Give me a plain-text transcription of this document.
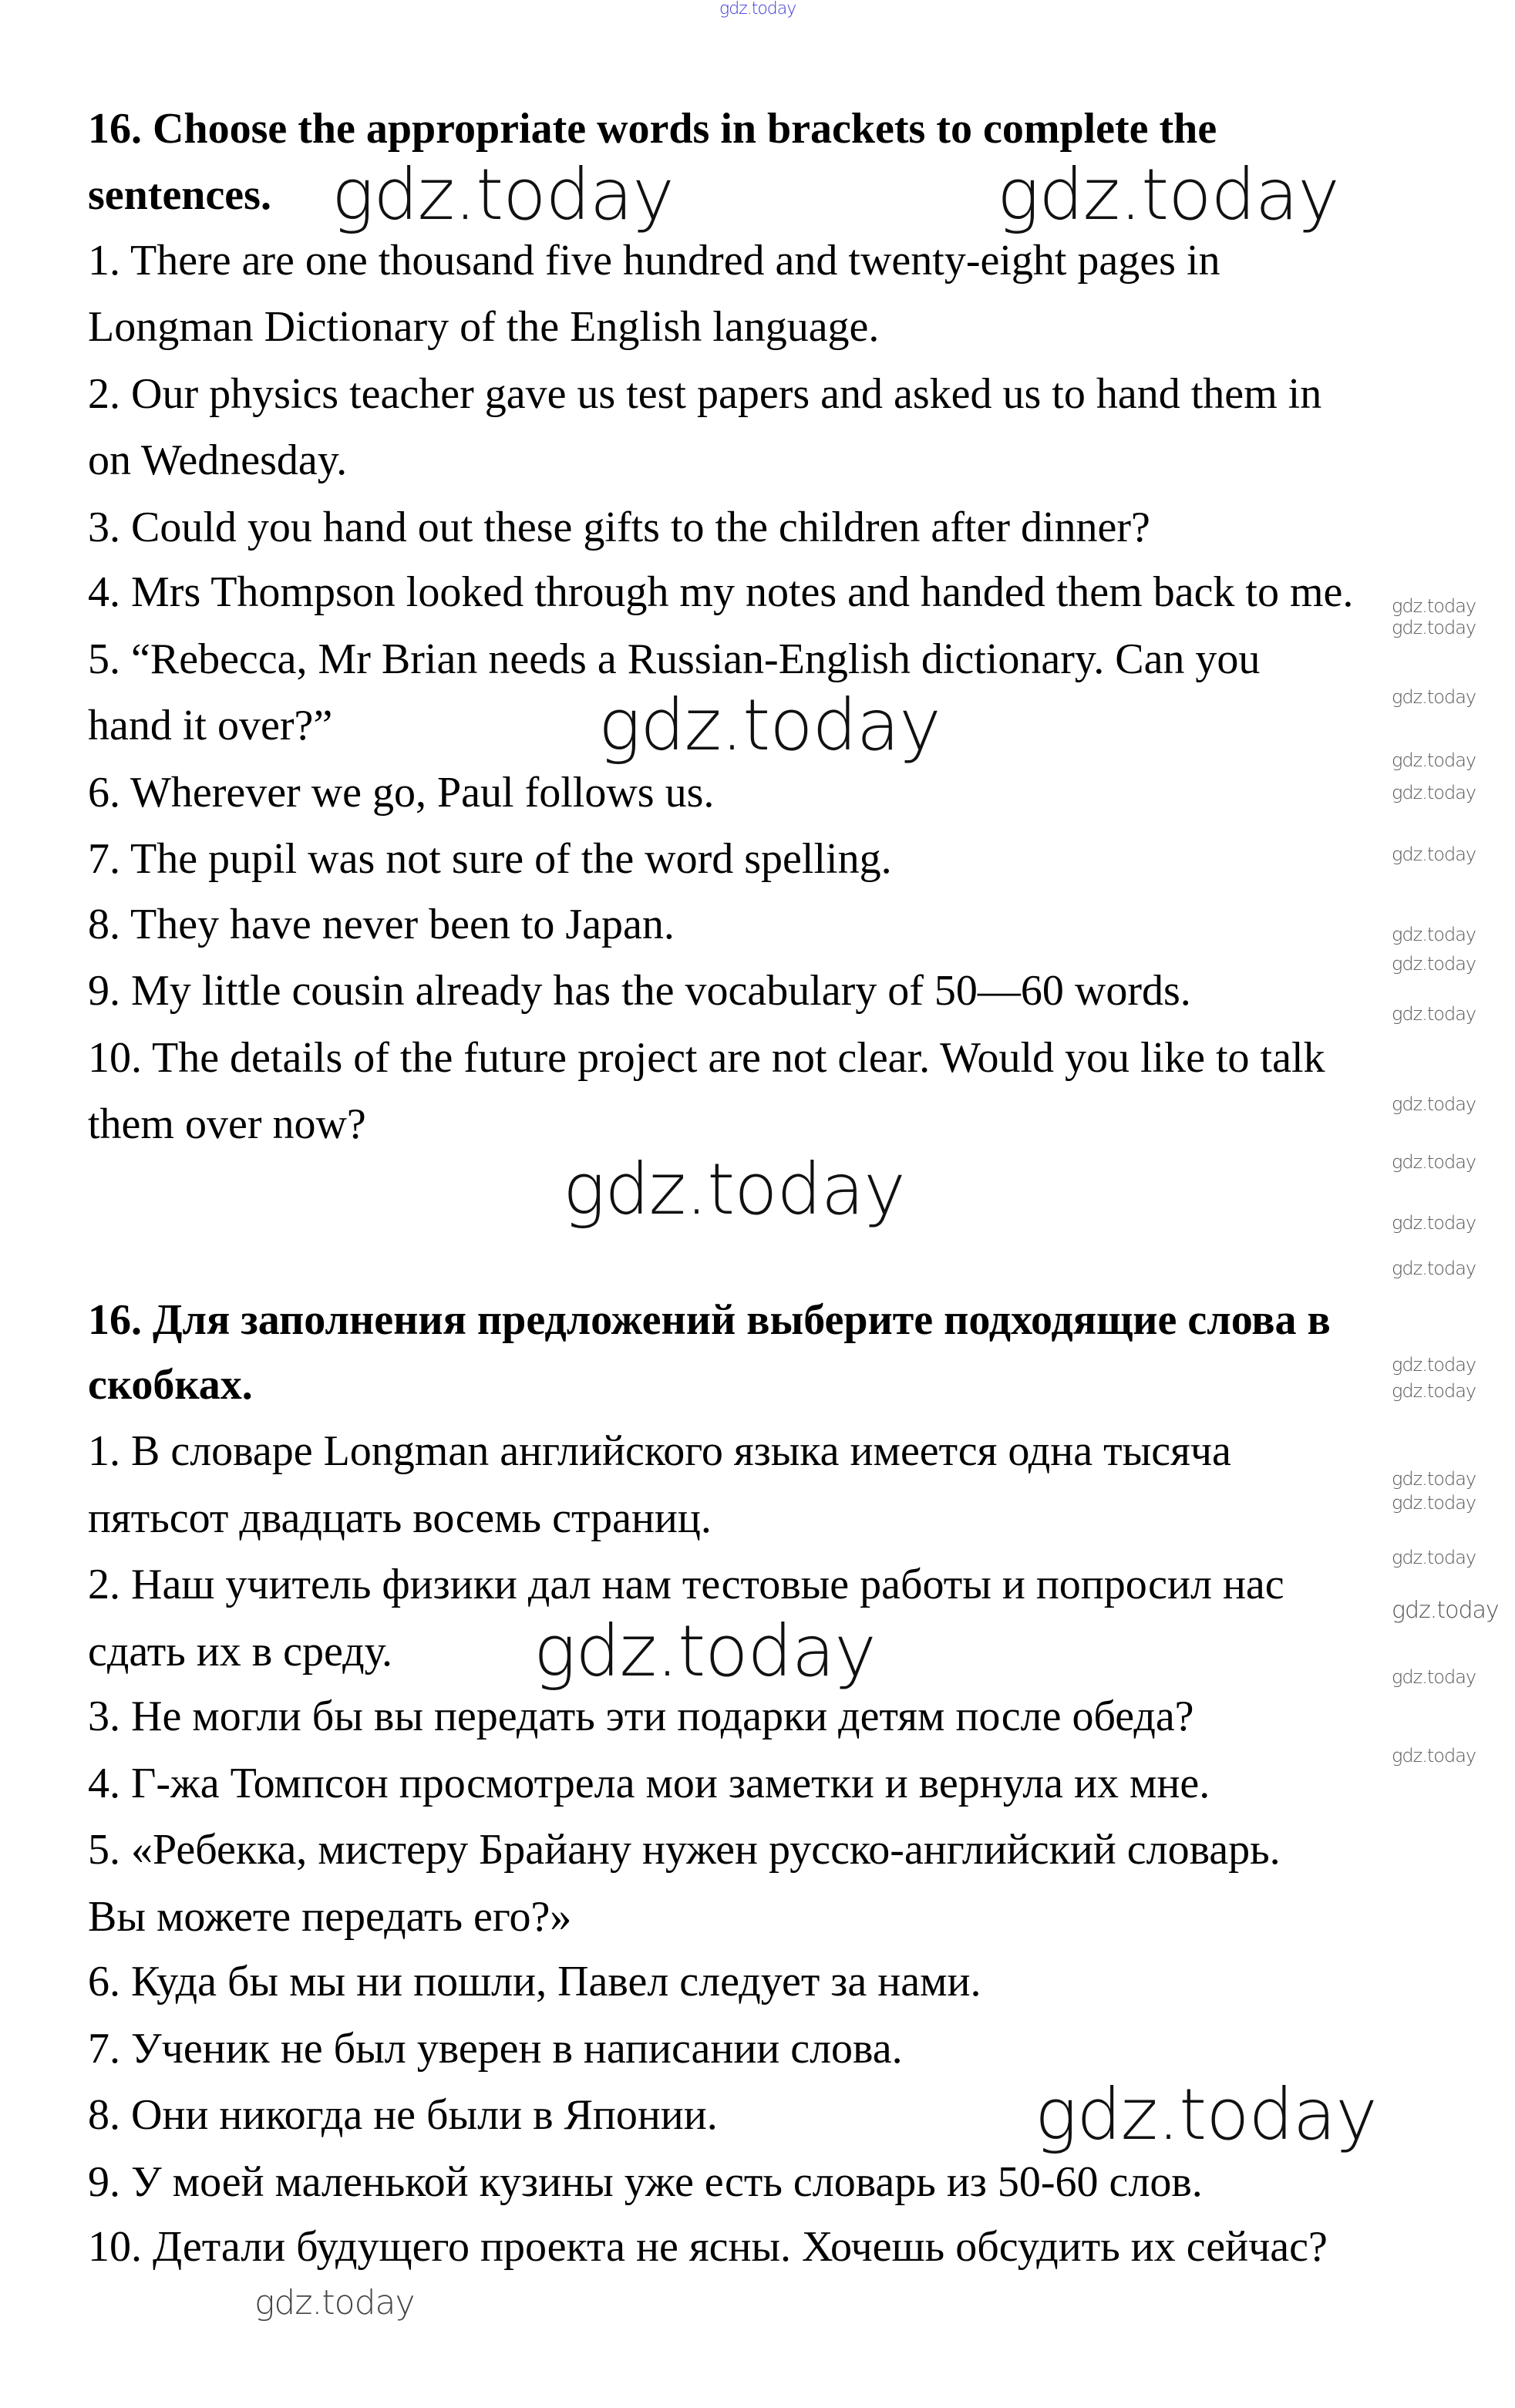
16. Choose the appropriate words in brackets to complete the
sentences.
1. There are one thousand five hundred and twenty-eight pages in
Longman Dictionary of the English language.
2. Our physics teacher gave us test papers and asked us to hand them in
on Wednesday.
3. Could you hand out these gifts to the children after dinner?
4. Mrs Thompson looked through my notes and handed them back to me.
5. “Rebecca, Mr Brian needs a Russian-English dictionary. Can you
hand it over?”
6. Wherever we go, Paul follows us.
7. The pupil was not sure of the word spelling.
8. They have never been to Japan.
9. My little cousin already has the vocabulary of 50—60 words.
10. The details of the future project are not clear. Would you like to talk
them over now?
16. Для заполнения предложений выберите подходящие слова в
скобках.
1. В словаре Longman английского языка имеется одна тысяча
пятьсот двадцать восемь страниц.
2. Наш учитель физики дал нам тестовые работы и попросил нас
сдать их в среду.
3. Не могли бы вы передать эти подарки детям после обеда?
4. Г-жа Томпсон просмотрела мои заметки и вернула их мне.
5. «Ребекка, мистеру Брайану нужен русско-английский словарь.
Вы можете передать его?»
6. Куда бы мы ни пошли, Павел следует за нами.
7. Ученик не был уверен в написании слова.
8. Они никогда не были в Японии.
9. У моей маленькой кузины уже есть словарь из 50-60 слов.
10. Детали будущего проекта не ясны. Хочешь обсудить их сейчас?
gdz.today
gdz.today	gdz.today
gdz.today
gdz.today
gdz.today
gdz.today
gdz.today
gdz.today
gdz.today
gdz.today
gdz.today
gdz.today
gdz.today
gdz.today
gdz.today
gdz.today
gdz.today
gdz.today
gdz.today
gdz.today
gdz.today
gdz.today
gdz.today
gdz.today
gdz.today
gdz.today
gdz.today
gdz.today
